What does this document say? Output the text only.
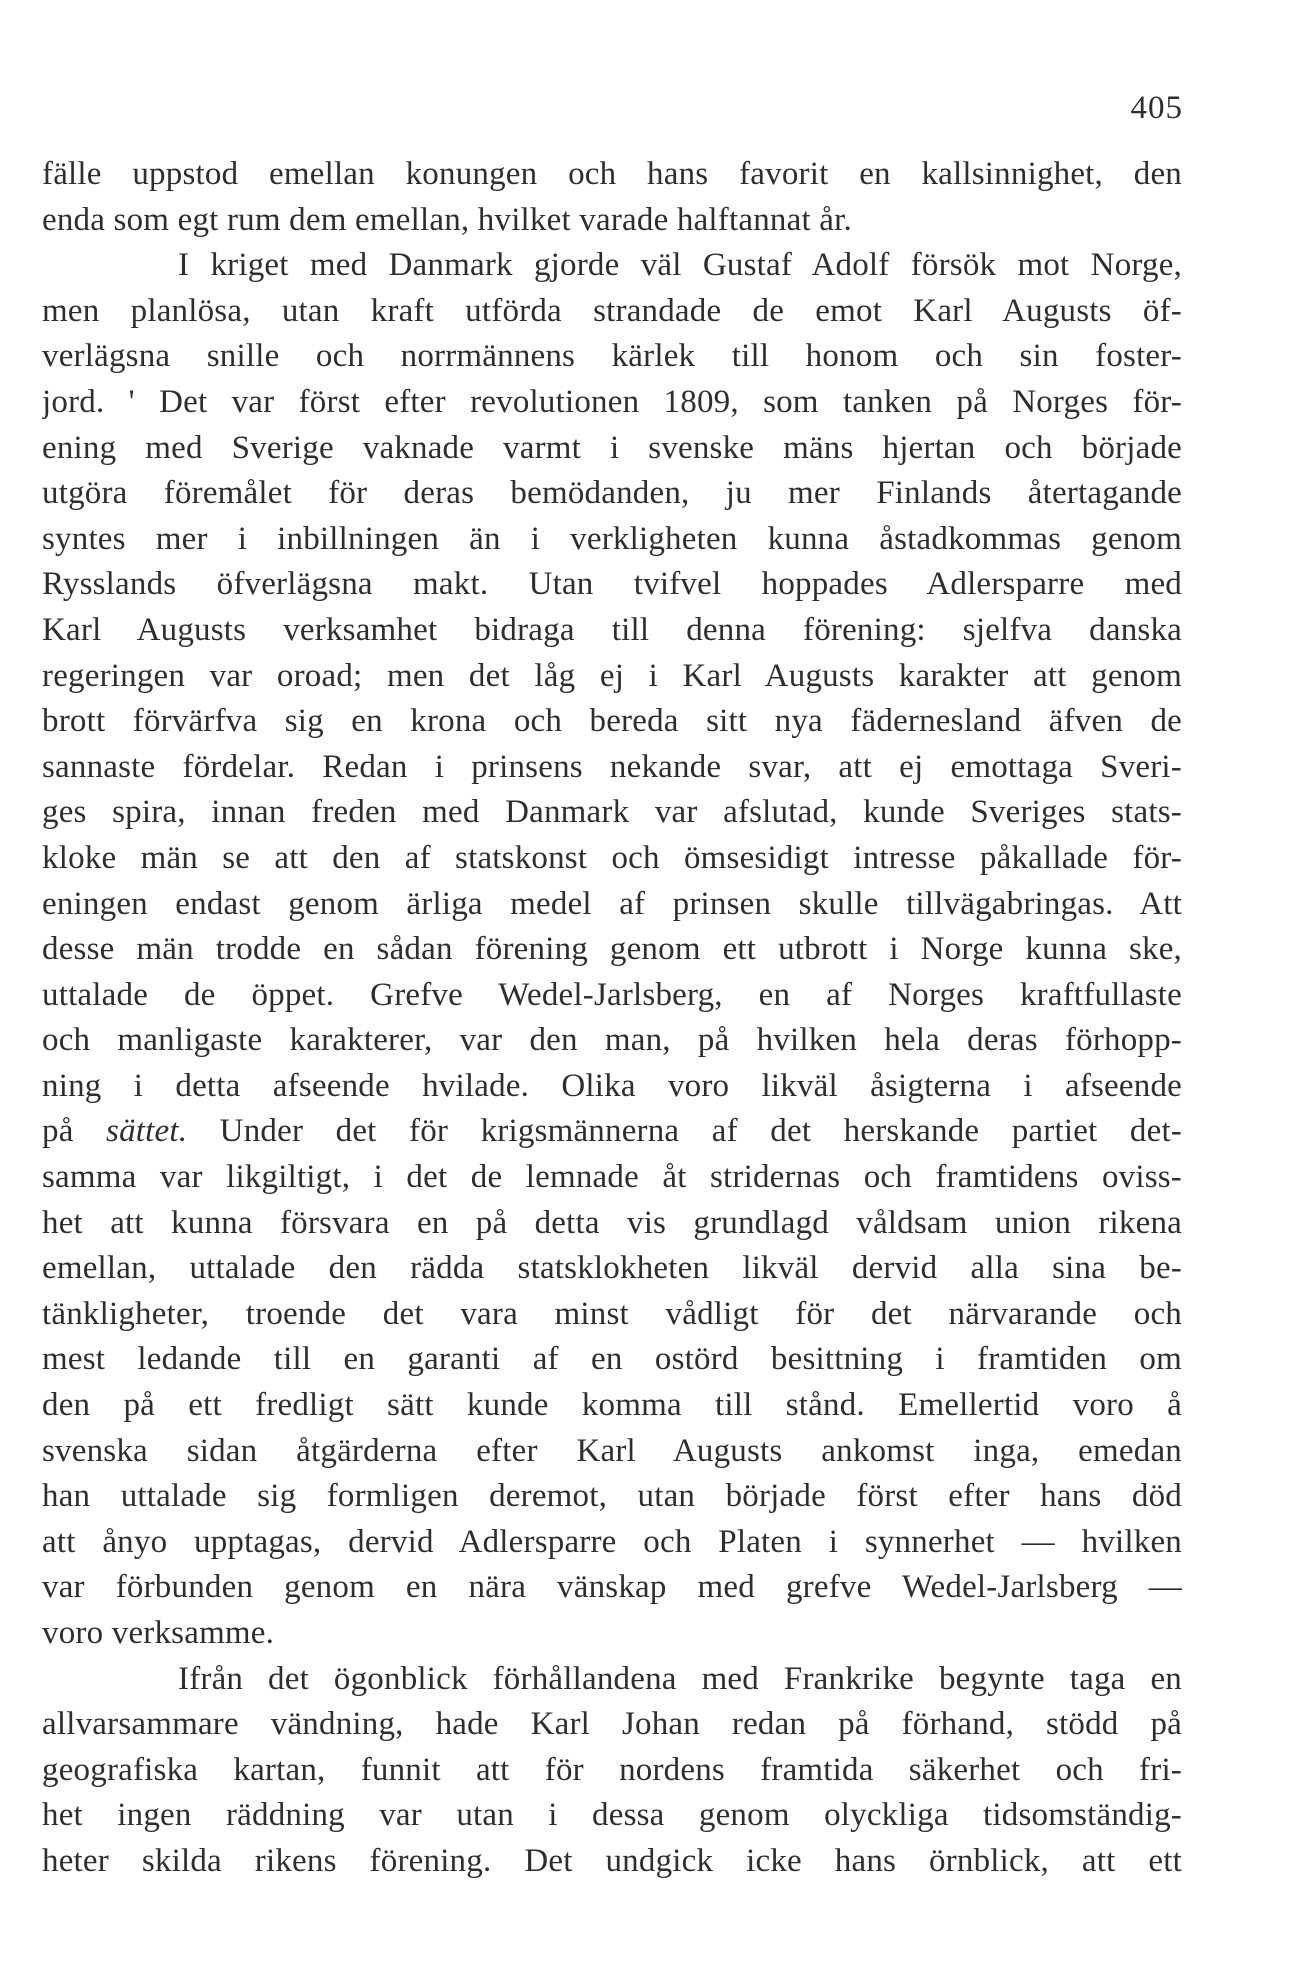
405
fälle uppstod emellan konungen och hans favorit en kallsinnighet, den
enda som egt rum dem emellan, hvilket varade halftannat år.
I kriget med Danmark gjorde väl Gustaf Adolf försök mot Norge,
men planlösa, utan kraft utförda strandade de emot Karl Augusts öf-
verlägsna snille och norrmännens kärlek till honom och sin foster-
jord. ' Det var först efter revolutionen 1809, som tanken på Norges för-
ening med Sverige vaknade varmt i svenske mäns hjertan och började
utgöra föremålet för deras bemödanden, ju mer Finlands återtagande
syntes mer i inbillningen än i verkligheten kunna åstadkommas genom
Rysslands öfverlägsna makt. Utan tvifvel hoppades Adlersparre med
Karl Augusts verksamhet bidraga till denna förening: sjelfva danska
regeringen var oroad; men det låg ej i Karl Augusts karakter att genom
brott förvärfva sig en krona och bereda sitt nya fädernesland äfven de
sannaste fördelar. Redan i prinsens nekande svar, att ej emottaga Sveri-
ges spira, innan freden med Danmark var afslutad, kunde Sveriges stats-
kloke män se att den af statskonst och ömsesidigt intresse påkallade för-
eningen endast genom ärliga medel af prinsen skulle tillvägabringas. Att
desse män trodde en sådan förening genom ett utbrott i Norge kunna ske,
uttalade de öppet. Grefve Wedel-Jarlsberg, en af Norges kraftfullaste
och manligaste karakterer, var den man, på hvilken hela deras förhopp-
ning i detta afseende hvilade. Olika voro likväl åsigterna i afseende
på sättet. Under det för krigsmännerna af det herskande partiet det-
samma var likgiltigt, i det de lemnade åt stridernas och framtidens oviss-
het att kunna försvara en på detta vis grundlagd våldsam union rikena
emellan, uttalade den rädda statsklokheten likväl dervid alla sina be-
tänkligheter, troende det vara minst vådligt för det närvarande och
mest ledande till en garanti af en ostörd besittning i framtiden om
den på ett fredligt sätt kunde komma till stånd. Emellertid voro å
svenska sidan åtgärderna efter Karl Augusts ankomst inga, emedan
han uttalade sig formligen deremot, utan började först efter hans död
att ånyo upptagas, dervid Adlersparre och Platen i synnerhet — hvilken
var förbunden genom en nära vänskap med grefve Wedel-Jarlsberg —
voro verksamme.
Ifrån det ögonblick förhållandena med Frankrike begynte taga en
allvarsammare vändning, hade Karl Johan redan på förhand, stödd på
geografiska kartan, funnit att för nordens framtida säkerhet och fri-
het ingen räddning var utan i dessa genom olyckliga tidsomständig-
heter skilda rikens förening. Det undgick icke hans örnblick, att ett
